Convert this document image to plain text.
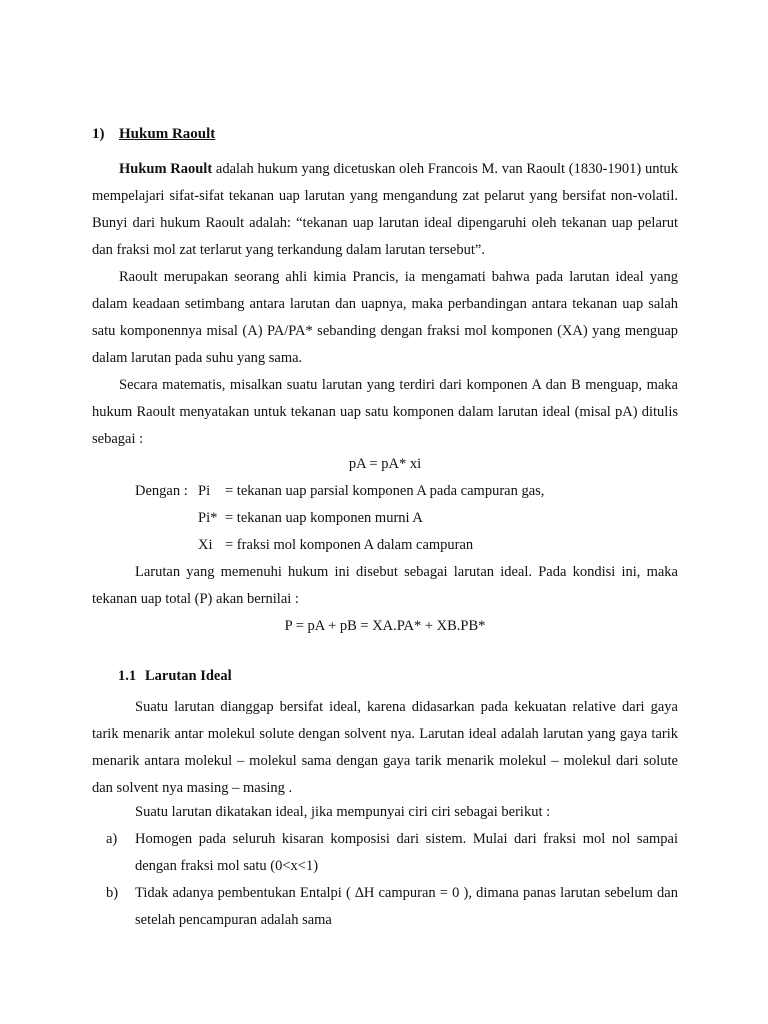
1) Hukum Raoult

Hukum Raoult adalah hukum yang dicetuskan oleh Francois M. van Raoult (1830-1901) untuk mempelajari sifat-sifat tekanan uap larutan yang mengandung zat pelarut yang bersifat non-volatil. Bunyi dari hukum Raoult adalah: “tekanan uap larutan ideal dipengaruhi oleh tekanan uap pelarut dan fraksi mol zat terlarut yang terkandung dalam larutan tersebut”.

Raoult merupakan seorang ahli kimia Prancis, ia mengamati bahwa pada larutan ideal yang dalam keadaan setimbang antara larutan dan uapnya, maka perbandingan antara tekanan uap salah satu komponennya misal (A) PA/PA* sebanding dengan fraksi mol komponen (XA) yang menguap dalam larutan pada suhu yang sama.

Secara matematis, misalkan suatu larutan yang terdiri dari komponen A dan B menguap, maka hukum Raoult menyatakan untuk tekanan uap satu komponen dalam larutan ideal (misal pA) ditulis sebagai :

pA = pA* xi
Dengan : Pi = tekanan uap parsial komponen A pada campuran gas,
Pi* = tekanan uap komponen murni A
Xi = fraksi mol komponen A dalam campuran

Larutan yang memenuhi hukum ini disebut sebagai larutan ideal. Pada kondisi ini, maka tekanan uap total (P) akan bernilai :

P = pA + pB = XA.PA* + XB.PB*
1.1 Larutan Ideal

Suatu larutan dianggap bersifat ideal, karena didasarkan pada kekuatan relative dari gaya tarik menarik antar molekul solute dengan solvent nya. Larutan ideal adalah larutan yang gaya tarik menarik antara molekul – molekul sama dengan gaya tarik menarik molekul – molekul dari solute dan solvent nya masing – masing .

Suatu larutan dikatakan ideal, jika mempunyai ciri ciri sebagai berikut :

a) Homogen pada seluruh kisaran komposisi dari sistem. Mulai dari fraksi mol nol sampai dengan fraksi mol satu (0<x<1)
b) Tidak adanya pembentukan Entalpi ( ∆H campuran = 0 ), dimana panas larutan sebelum dan setelah pencampuran adalah sama
